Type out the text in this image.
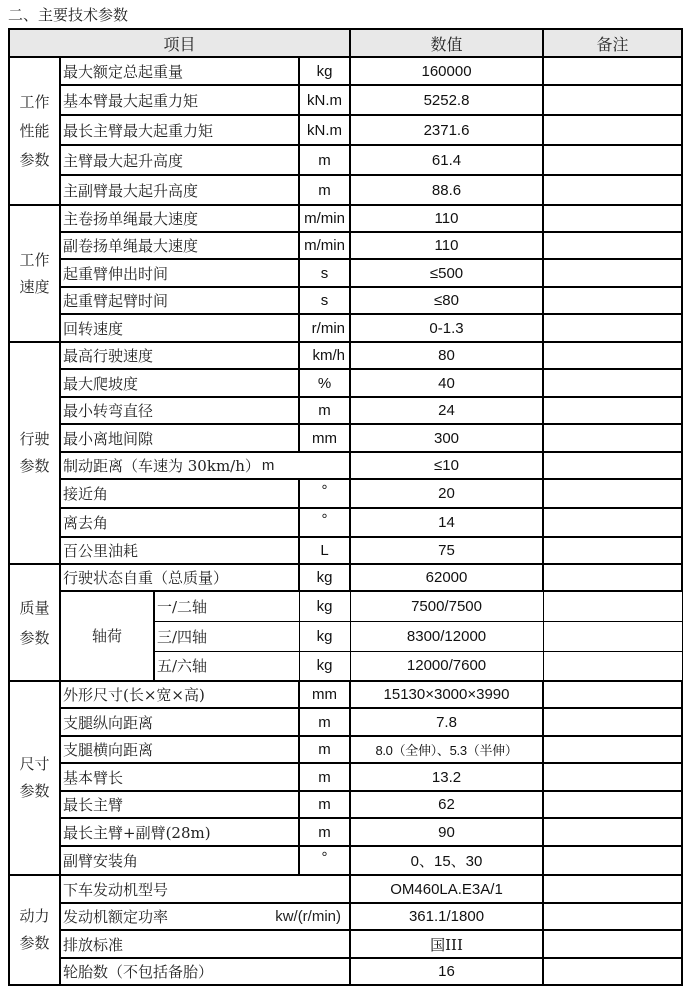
二、主要技术参数
项目				数值	备注
工作性能参数	最大额定总起重量		kg	160000	
	基本臂最大起重力矩		kN.m	5252.8	
	最长主臂最大起重力矩		kN.m	2371.6	
	主臂最大起升高度		m	61.4	
	主副臂最大起升高度		m	88.6	
工作速度	主卷扬单绳最大速度		m/min	110	
	副卷扬单绳最大速度		m/min	110	
	起重臂伸出时间		s	≤500	
	起重臂起臂时间		s	≤80	
	回转速度		r/min	0-1.3	
行驶参数	最高行驶速度		km/h	80	
	最大爬坡度		%	40	
	最小转弯直径		m	24	
	最小离地间隙		mm	300	

	制动距离（车速为 30km/h） m			≤10	
	接近角		°	20	
	离去角		°	14	
	百公里油耗		L	75	
质量参数	行驶状态自重（总质量）		kg	62000	
	轴荷	一/二轴	kg	7500/7500	
		三/四轴	kg	8300/12000	
		五/六轴	kg	12000/7600	
尺寸参数	外形尺寸(长×宽×高)		mm	15130×3000×3990	
	支腿纵向距离		m	7.8	
	支腿横向距离		m	8.0（全伸）、5.3（半伸）	
	基本臂长		m	13.2	
	最长主臂		m	62	
	最长主臂+副臂(28m)		m	90	
	副臂安装角		°	0、15、30	
动力参数	下车发动机型号			OM460LA.E3A/1	

	发动机额定功率 kw/(r/min)			361.1/1800	
	排放标准			国III	
	轮胎数（不包括备胎）			16	
